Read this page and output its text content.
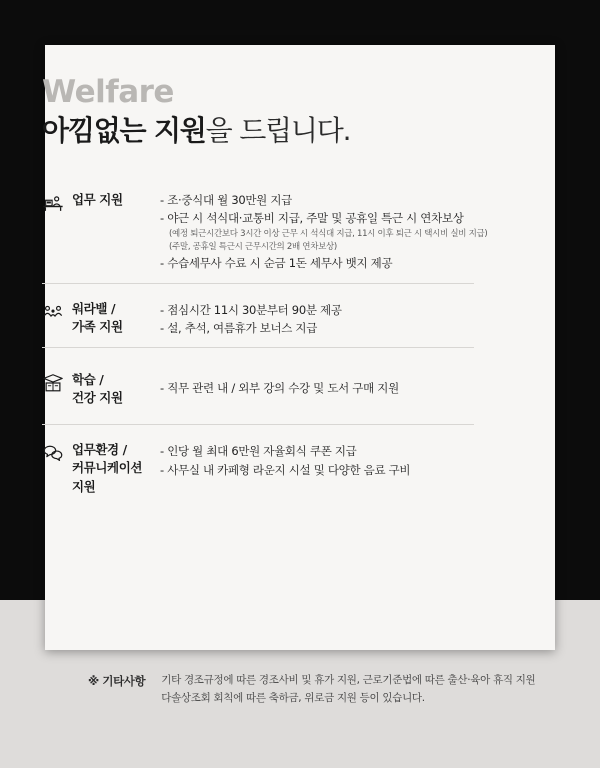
Welfare
아낌없는 지원을 드립니다.
업무 지원	- 조·중식대 월 30만원 지급
- 야근 시 석식대·교통비 지급, 주말 및 공휴일 특근 시 연차보상
(예정 퇴근시간보다 3시간 이상 근무 시 석식대 지급, 11시 이후 퇴근 시 택시비 실비 지급)
(주말, 공휴일 특근시 근무시간의 2배 연차보상)
- 수습세무사 수료 시 순금 1돈 세무사 뱃지 제공
워라밸 /
가족 지원
- 점심시간 11시 30분부터 90분 제공
- 설, 추석, 여름휴가 보너스 지급
학습 /
건강 지원
- 직무 관련 내 / 외부 강의 수강 및 도서 구매 지원
업무환경 /
커뮤니케이션
지원
- 인당 월 최대 6만원 자율회식 쿠폰 지급
- 사무실 내 카페형 라운지 시설 및 다양한 음료 구비
※ 기타사항 기타 경조규정에 따른 경조사비 및 휴가 지원, 근로기준법에 따른 출산·육아 휴직 지원
다솔상조회 회칙에 따른 축하금, 위로금 지원 등이 있습니다.
